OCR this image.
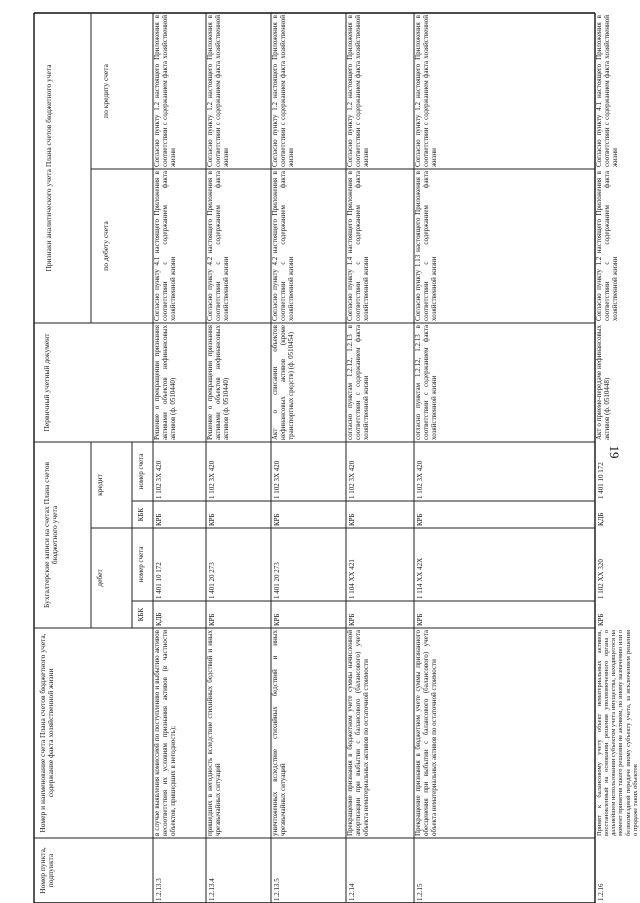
19
Номер пункта, подпункта
Номер и наименование счета Плана счетов бюджетного учета, содержание факта хозяйственной жизни
Бухгалтерские записи на счетах Плана счетов бюджетного учета
дебет
кредит
КБК
номер счета
КБК
номер счета
Первичный учетный документ
Признаки аналитического учета Плана счетов бюджетного учета	по дебету счета
по кредиту счета
1.2.13.3
в случае выявления комиссией по поступлению и выбытию активов несоответствия их условиям признания активов (в частности объектов, пришедших в негодность);
КДБ
1 401 10 172
КРБ
1 102 3Х 420
Решение о прекращении признания активами объектов нефинансовых активов (ф. 0510440)
Согласно пункту 4.1 настоящего Приложения в соответствии с содержанием факта хозяйственной жизни
Согласно пункту 1.2 настоящего Приложения в соответствии с содержанием факта хозяйственной жизни
1.2.13.4
пришедших в негодность вследствие стихийных бедствий и иных чрезвычайных ситуаций
КРБ
1 401 20 273
КРБ
1 102 3Х 420
Решение о прекращении признания активами объектов нефинансовых активов (ф. 0510440)
Согласно пункту 4.2 настоящего Приложения в соответствии с содержанием факта хозяйственной жизни
Согласно пункту 1.2 настоящего Приложения в соответствии с содержанием факта хозяйственной жизни
1.2.13.5
уничтоженных вследствие стихийных бедствий и иных чрезвычайных ситуаций
КРБ
1 401 20 273
КРБ
1 102 3Х 420
Акт о списании объектов нефинансовых активов (кроме транспортных средств) (ф. 0510454)
Согласно пункту 4.2 настоящего Приложения в соответствии с содержанием факта хозяйственной жизни
Согласно пункту 1.2 настоящего Приложения в соответствии с содержанием факта хозяйственной жизни
1.2.14
Прекращение признания в бюджетном учете суммы начисленной амортизации при выбытии с балансового (балансового) учета объекта нематериальных активов по остаточной стоимости
КРБ
1 104 ХХ 421
КРБ
1 102 3Х 420
согласно пунктам 1.2.12, 1.2.13 в соответствии с содержанием факта хозяйственной жизни
Согласно пункту 1.4 настоящего Приложения в соответствии с содержанием факта хозяйственной жизни
Согласно пункту 1.2 настоящего Приложения в соответствии с содержанием факта хозяйственной жизни
1.2.15
Прекращение признания в бюджетном учете суммы признанного обесценения при выбытии с балансового (балансового) учета объекта нематериальных активов по остаточной стоимости
КРБ
1 114 ХХ 42Х
КРБ
1 102 3Х 420
согласно пунктам 1.2.12, 1.2.13 в соответствии с содержанием факта хозяйственной жизни
Согласно пункту 1.13 настоящего Приложения в соответствии с содержанием факта хозяйственной жизни
Согласно пункту 1.2 настоящего Приложения в соответствии с содержанием факта хозяйственной жизни
1.2.16
Принят к балансовому учету объект нематериальных активов, восстановленный на основании решения уполномоченного органа о дальнейшем использовании субъектом учета имущества, находящегося на момент принятия такого решения не активом, по иному назначению или о безвозмездной передаче иному субъекту учета, за исключением решения о продаже таких объектов
КРБ
1 102 ХХ 320
КДБ
1 401 10 172
Акт о приеме-передаче нефинансовых активов (ф. 0510448)
Согласно пункту 1.2 настоящего Приложения в соответствии с содержанием факта хозяйственной жизни
Согласно пункту 4.1 настоящего Приложения в соответствии с содержанием факта хозяйственной жизни
